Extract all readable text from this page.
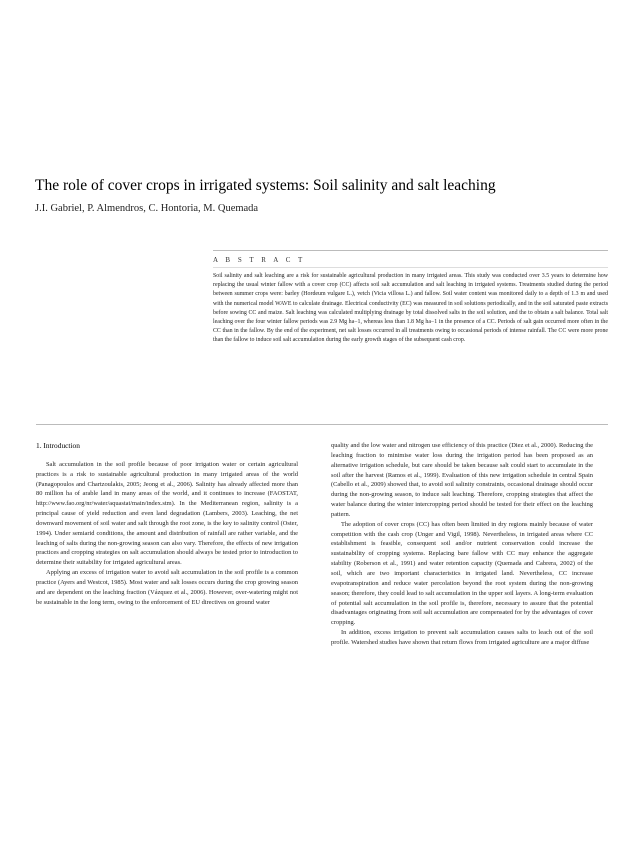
The role of cover crops in irrigated systems: Soil salinity and salt leaching
J.I. Gabriel, P. Almendros, C. Hontoria, M. Quemada
A B S T R A C T
Soil salinity and salt leaching are a risk for sustainable agricultural production in many irrigated areas. This study was conducted over 3.5 years to determine how replacing the usual winter fallow with a cover crop (CC) affects soil salt accumulation and salt leaching in irrigated systems. Treatments studied during the period between summer crops were: barley (Hordeum vulgare L.), vetch (Vicia villosa L.) and fallow. Soil water content was monitored daily to a depth of 1.3 m and used with the numerical model WAVE to calculate drainage. Electrical conductivity (EC) was measured in soil solutions periodically, and in the soil saturated paste extracts before sowing CC and maize. Salt leaching was calculated multiplying drainage by total dissolved salts in the soil solution, and the to obtain a salt balance. Total salt leaching over the four winter fallow periods was 2.9 Mg ha−1, whereas less than 1.8 Mg ha−1 in the presence of a CC. Periods of salt gain occurred more often in the CC than in the fallow. By the end of the experiment, net salt losses occurred in all treatments owing to occasional periods of intense rainfall. The CC were more prone than the fallow to induce soil salt accumulation during the early growth stages of the subsequent cash crop.
1. Introduction

Salt accumulation in the soil profile because of poor irrigation water or certain agricultural practices is a risk to sustainable agricultural production in many irrigated areas of the world (Panagopoulos and Chartzoulakis, 2005; Jeong et al., 2006). Salinity has already affected more than 80 million ha of arable land in many areas of the world, and it continues to increase (FAOSTAT, http://www.fao.org/nr/water/aquastat/main/index.stm). In the Mediterranean region, salinity is a principal cause of yield reduction and even land degradation (Lambers, 2003). Leaching, the net downward movement of soil water and salt through the root zone, is the key to salinity control (Oster, 1994). Under semiarid conditions, the amount and distribution of rainfall are rather variable, and the leaching of salts during the non-growing season can also vary. Therefore, the effects of new irrigation practices and cropping strategies on salt accumulation should always be tested prior to introduction to determine their suitability for irrigated agricultural areas.

Applying an excess of irrigation water to avoid salt accumulation in the soil profile is a common practice (Ayers and Westcot, 1985). Most water and salt losses occurs during the crop growing season and are dependent on the leaching fraction (Vázquez et al., 2006). However, over-watering might not be sustainable in the long term, owing to the enforcement of EU directives on ground water

quality and the low water and nitrogen use efficiency of this practice (Diez et al., 2000). Reducing the leaching fraction to minimise water loss during the irrigation period has been proposed as an alternative irrigation schedule, but care should be taken because salt could start to accumulate in the soil after the harvest (Ramos et al., 1999). Evaluation of this new irrigation schedule in central Spain (Cabello et al., 2009) showed that, to avoid soil salinity constraints, occasional drainage should occur during the non-growing season, to induce salt leaching. Therefore, cropping strategies that affect the water balance during the winter intercropping period should be tested for their effect on the leaching pattern.

The adoption of cover crops (CC) has often been limited in dry regions mainly because of water competition with the cash crop (Unger and Vigil, 1998). Nevertheless, in irrigated areas where CC establishment is feasible, consequent soil and/or nutrient conservation could increase the sustainability of cropping systems. Replacing bare fallow with CC may enhance the aggregate stability (Roberson et al., 1991) and water retention capacity (Quemada and Cabrera, 2002) of the soil, which are two important characteristics in irrigated land. Nevertheless, CC increase evapotranspiration and reduce water percolation beyond the root system during the non-growing season; therefore, they could lead to salt accumulation in the upper soil layers. A long-term evaluation of potential salt accumulation in the soil profile is, therefore, necessary to assure that the potential disadvantages originating from soil salt accumulation are compensated for by the advantages of cover cropping.

In addition, excess irrigation to prevent salt accumulation causes salts to leach out of the soil profile. Watershed studies have shown that return flows from irrigated agriculture are a major diffuse
